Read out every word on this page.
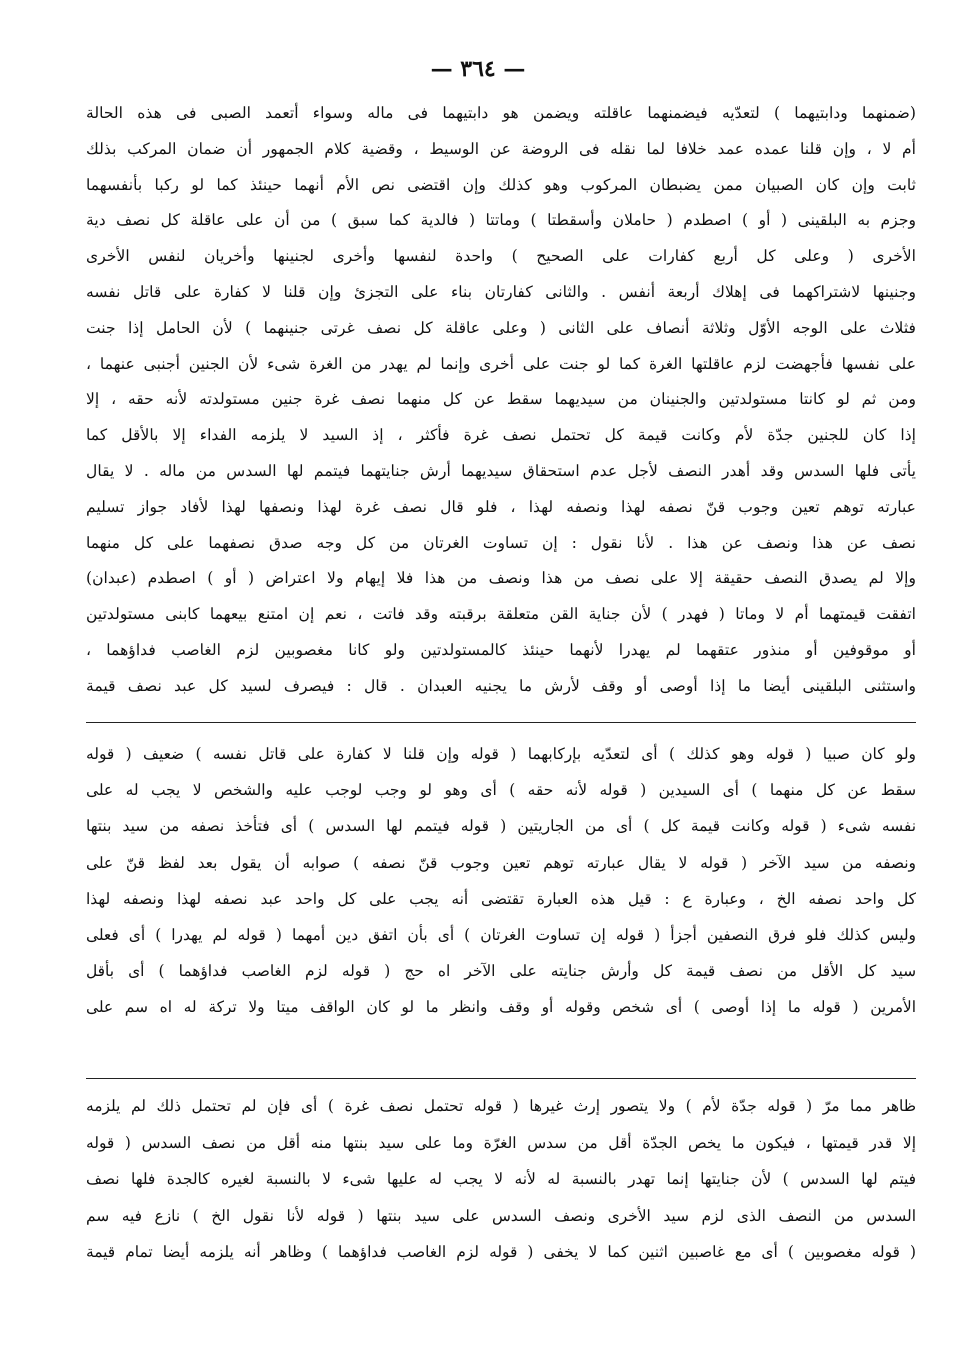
— ٣٦٤ —
(ضمنهما ودابتيهما ) لتعدّيه فيضمنهما عاقلته ويضمن هو دابتيهما فى ماله وسواء أتعمد الصبى فى هذه الحالة
أم لا ، وإن قلنا عمده عمد خلافا لما نقله فى الروضة عن الوسيط ، وقضية كلام الجمهور أن ضمان المركب بذلك
ثابت وإن كان الصبيان ممن يضبطان المركوب وهو كذلك وإن اقتضى نص الأم أنهما حينئذ كما لو ركبا بأنفسهما
وجزم به البلقينى ( أو ) اصطدم ( حاملان وأسقطتا ) وماتتا ( فالدية كما سبق ) من أن على عاقلة كل نصف دية
الأخرى ( وعلى كل أربع كفارات على الصحيح ) واحدة لنفسها وأخرى لجنينها وأخريان لنفس الأخرى
وجنينها لاشتراكهما فى إهلاك أربعة أنفس . والثانى كفارتان بناء على التجزئ وإن قلنا لا كفارة على قاتل نفسه
فثلاث على الوجه الأوّل وثلاثة أنصاف على الثانى ( وعلى عاقلة كل نصف غرتى جنينهما ) لأن الحامل إذا جنت
على نفسها فأجهضت لزم عاقلتها الغرة كما لو جنت على أخرى وإنما لم يهدر من الغرة شىء لأن الجنين أجنبى عنهما ،
ومن ثم لو كانتا مستولدتين والجنينان من سيديهما سقط عن كل منهما نصف غرة جنين مستولدته لأنه حقه ، إلا
إذا كان للجنين جدّة لأم وكانت قيمة كل تحتمل نصف غرة فأكثر ، إذ السيد لا يلزمه الفداء إلا بالأقل كما
يأتى فلها السدس وقد أهدر النصف لأجل عدم استحقاق سيديهما أرش جنايتهما فيتمم لها السدس من ماله . لا يقال
عبارته توهم تعين وجوب قنّ نصفه لهذا ونصفه لهذا ، فلو قال نصف غرة لهذا ونصفها لهذا لأفاد جواز تسليم
نصف عن هذا ونصف عن هذا . لأنا نقول : إن تساوت الغرتان من كل وجه صدق نصفهما على كل منهما
وإلا لم يصدق النصف حقيقة إلا على نصف من هذا ونصف من هذا فلا إيهام ولا اعتراض ( أو ) اصطدم (عبدان)
اتفقت قيمتهما أم لا وماتا ( فهدر ) لأن جناية القن متعلقة برقبته وقد فاتت ، نعم إن امتنع بيعهما كابنى مستولدتين
أو موقوفين أو منذور عتقهما لم يهدرا لأنهما حينئذ كالمستولدتين ولو كانا مغصوبين لزم الغاصب فداؤهما ،
واستثنى البلقينى أيضا ما إذا أوصى أو وقف لأرش ما يجنيه العبدان . قال : فيصرف لسيد كل عبد نصف قيمة
ولو كان صبيا ( قوله وهو كذلك ) أى لتعدّيه بإركابهما ( قوله وإن قلنا لا كفارة على قاتل نفسه ) ضعيف ( قوله
سقط عن كل منهما ) أى السيدين ( قوله لأنه حقه ) أى وهو لو وجب لوجب عليه والشخص لا يجب له على
نفسه شىء ( قوله وكانت قيمة كل ) أى من الجاريتين ( قوله فيتمم لها السدس ) أى فتأخذ نصفه من سيد بنتها
ونصفه من سيد الآخر ( قوله لا يقال عبارته توهم تعين وجوب قنّ نصفه ) صوابه أن يقول بعد لفظ قنّ على
كل واحد نصفه الخ ، وعبارة ع : قيل هذه العبارة تقتضى أنه يجب على كل واحد عبد نصفه لهذا ونصفه لهذا
وليس كذلك فلو فرق النصفين أجزأ ( قوله إن تساوت الغرتان ) أى بأن اتفق دين أمهما ( قوله لم يهدرا ) أى فعلى
سيد كل الأقل من نصف قيمة كل وأرش جنايته على الآخر اه حج ( قوله لزم الغاصب فداؤهما ) أى بأقل
الأمرين ( قوله ما إذا أوصى ) أى شخص وقوله أو وقف وانظر ما لو كان الواقف ميتا ولا تركة له اه سم على
ظاهر مما مرّ ( قوله جدّة لأم ) ولا يتصور إرث غيرها ( قوله تحتمل نصف غرة ) أى فإن لم تحتمل ذلك لم يلزمه
إلا قدر قيمتها ، فيكون ما يخص الجدّة أقل من سدس الغرّة وما على سيد بنتها منه أقل من نصف السدس ( قوله
فيتم لها السدس ) لأن جنايتها إنما تهدر بالنسبة له لأنه لا يجب له عليها شىء لا بالنسبة لغيره كالجدة فلها نصف
السدس من النصف الذى لزم سيد الأخرى ونصف السدس على سيد بنتها ( قوله لأنا نقول الخ ) نازع فيه سم
( قوله مغصوبين ) أى مع غاصبين اثنين كما لا يخفى ( قوله لزم الغاصب فداؤهما ) وظاهر أنه يلزمه أيضا تمام قيمة
